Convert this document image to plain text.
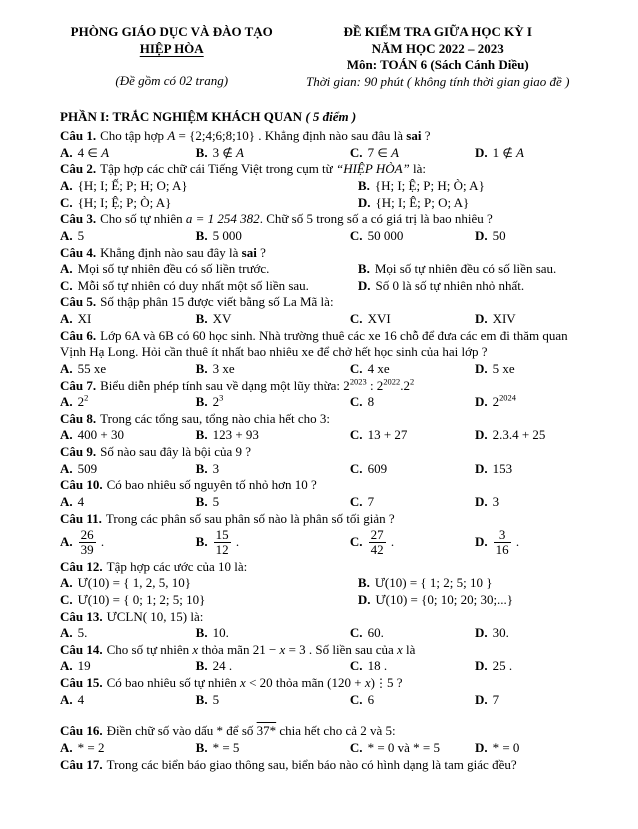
PHÒNG GIÁO DỤC VÀ ĐÀO TẠO
HIỆP HÒA
(Đề gồm có 02 trang)
ĐỀ KIỂM TRA GIỮA HỌC KỲ I
NĂM HỌC 2022 – 2023
Môn: TOÁN 6 (Sách Cánh Diều)
Thời gian: 90 phút ( không tính thời gian giao đề )
PHẦN I: TRẮC NGHIỆM KHÁCH QUAN ( 5 điểm )
Câu 1. Cho tập hợp A = {2;4;6;8;10} . Khẳng định nào sau đâu là sai ?
A. 4 ∈ A	B. 3 ∉ A	C. 7 ∈ A	D. 1 ∉ A
Câu 2. Tập hợp các chữ cái Tiếng Việt trong cụm từ “HIỆP HÒA” là:
A. {H; I; Ế; P; H; O; A}	B. {H; I; Ệ; P; H; Ò; A}
C. {H; I; Ệ; P; Ò; A}	D. {H; I; Ê; P; O; A}
Câu 3. Cho số tự nhiên a = 1 254 382. Chữ số 5 trong số a có giá trị là bao nhiêu ?
A. 5	B. 5 000	C. 50 000	D. 50
Câu 4. Khẳng định nào sau đây là sai ?
A. Mọi số tự nhiên đều có số liền trước.	B. Mọi số tự nhiên đều có số liền sau.
C. Mỗi số tự nhiên có duy nhất một số liền sau.	D. Số 0 là số tự nhiên nhỏ nhất.
Câu 5. Số thập phân 15 được viết bằng số La Mã là:
A. XI	B. XV	C. XVI	D. XIV
Câu 6. Lớp 6A và 6B có 60 học sinh. Nhà trường thuê các xe 16 chỗ để đưa các em đi thăm quan Vịnh Hạ Long. Hỏi cần thuê ít nhất bao nhiêu xe để chở hết học sinh của hai lớp ?
A. 55 xe	B. 3 xe	C. 4 xe	D. 5 xe
Câu 7. Biểu diễn phép tính sau về dạng một lũy thừa: $2^{2023}$ : $2^{2022}.2^2$
A. $2^2$	B. $2^3$	C. 8	D. $2^{2024}$
Câu 8. Trong các tổng sau, tổng nào chia hết cho 3:
A. 400 + 30	B. 123 + 93	C. 13 + 27	D. 2.3.4 + 25
Câu 9. Số nào sau đây là bội của 9 ?
A. 509	B. 3	C. 609	D. 153
Câu 10. Có bao nhiêu số nguyên tố nhỏ hơn 10 ?
A. 4	B. 5	C. 7	D. 3
Câu 11. Trong các phân số sau phân số nào là phân số tối giản ?
A. $\frac{26}{39}$ .	B. $\frac{15}{12}$ .	C. $\frac{27}{42}$ .	D. $\frac{3}{16}$ .
Câu 12. Tập hợp các ước của 10 là:
A. Ư(10) = { 1, 2, 5, 10}	B. Ư(10) = { 1; 2; 5; 10 }
C. Ư(10) = { 0; 1; 2; 5; 10}	D. Ư(10) = {0; 10; 20; 30;...}
Câu 13. ƯCLN( 10, 15) là:
A. 5.	B. 10.	C. 60.	D. 30.
Câu 14. Cho số tự nhiên x thỏa mãn 21 − x = 3 . Số liền sau của x là
A. 19	B. 24 .	C. 18 .	D. 25 .
Câu 15. Có bao nhiêu số tự nhiên x < 20 thỏa mãn (120 + x)⋮5 ?
A. 4	B. 5	C. 6	D. 7
Câu 16. Điền chữ số vào dấu * để số 37* chia hết cho cả 2 và 5:
A. * = 2	B. * = 5	C. * = 0 và * = 5	D. * = 0
Câu 17. Trong các biển báo giao thông sau, biển báo nào có hình dạng là tam giác đều?
